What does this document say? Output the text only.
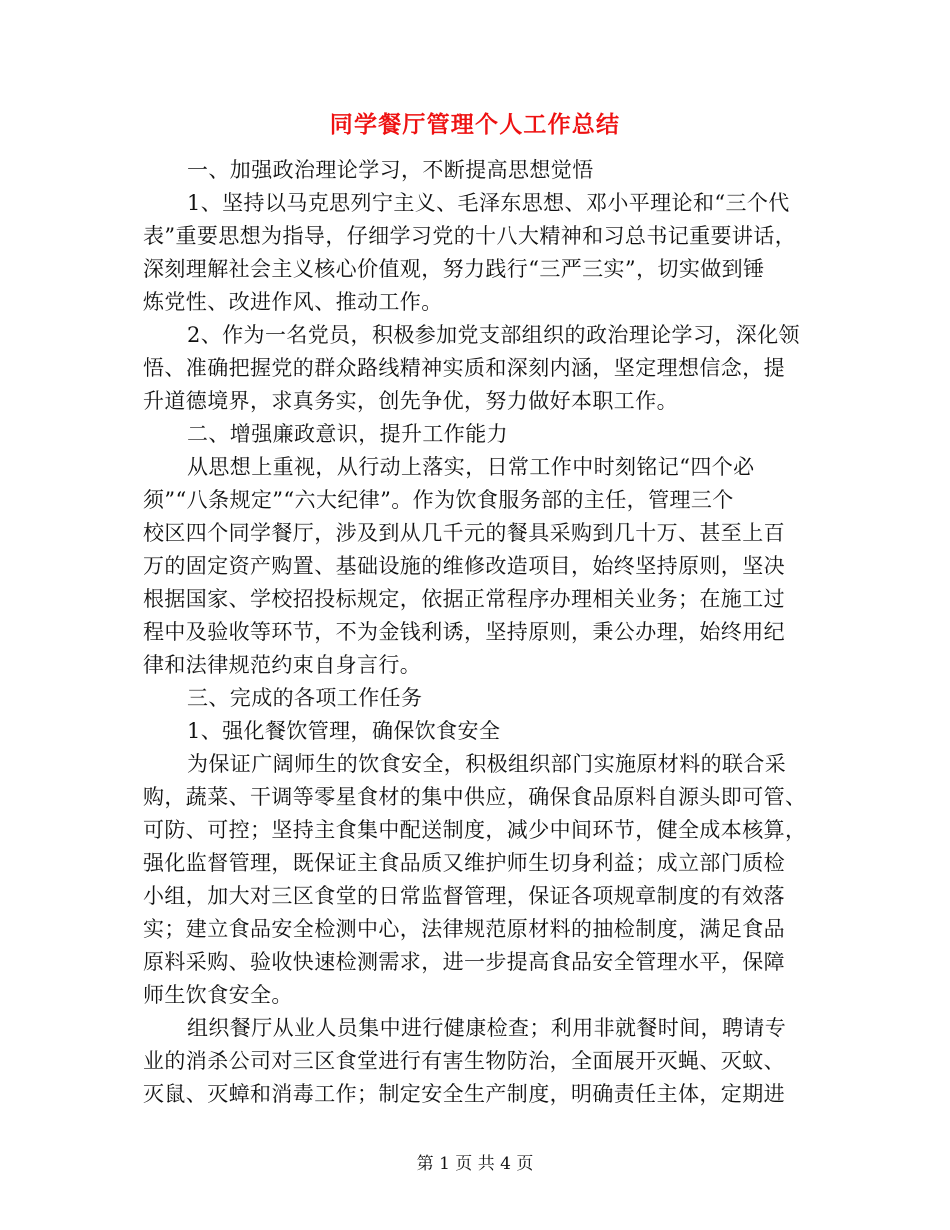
同学餐厅管理个人工作总结
一、加强政治理论学习，不断提高思想觉悟
1、坚持以马克思列宁主义、毛泽东思想、邓小平理论和“三个代
表”重要思想为指导，仔细学习党的十八大精神和习总书记重要讲话，
深刻理解社会主义核心价值观，努力践行“三严三实”，切实做到锤
炼党性、改进作风、推动工作。
2、作为一名党员，积极参加党支部组织的政治理论学习，深化领
悟、准确把握党的群众路线精神实质和深刻内涵，坚定理想信念，提
升道德境界，求真务实，创先争优，努力做好本职工作。
二、增强廉政意识，提升工作能力
从思想上重视，从行动上落实，日常工作中时刻铭记“四个必
须”“八条规定”“六大纪律”。作为饮食服务部的主任，管理三个
校区四个同学餐厅，涉及到从几千元的餐具采购到几十万、甚至上百
万的固定资产购置、基础设施的维修改造项目，始终坚持原则，坚决
根据国家、学校招投标规定，依据正常程序办理相关业务；在施工过
程中及验收等环节，不为金钱利诱，坚持原则，秉公办理，始终用纪
律和法律规范约束自身言行。
三、完成的各项工作任务
1、强化餐饮管理，确保饮食安全
为保证广阔师生的饮食安全，积极组织部门实施原材料的联合采
购，蔬菜、干调等零星食材的集中供应，确保食品原料自源头即可管、
可防、可控；坚持主食集中配送制度，减少中间环节，健全成本核算，
强化监督管理，既保证主食品质又维护师生切身利益；成立部门质检
小组，加大对三区食堂的日常监督管理，保证各项规章制度的有效落
实；建立食品安全检测中心，法律规范原材料的抽检制度，满足食品
原料采购、验收快速检测需求，进一步提高食品安全管理水平，保障
师生饮食安全。
组织餐厅从业人员集中进行健康检查；利用非就餐时间，聘请专
业的消杀公司对三区食堂进行有害生物防治，全面展开灭蝇、灭蚊、
灭鼠、灭蟑和消毒工作；制定安全生产制度，明确责任主体，定期进
第 1 页 共 4 页
